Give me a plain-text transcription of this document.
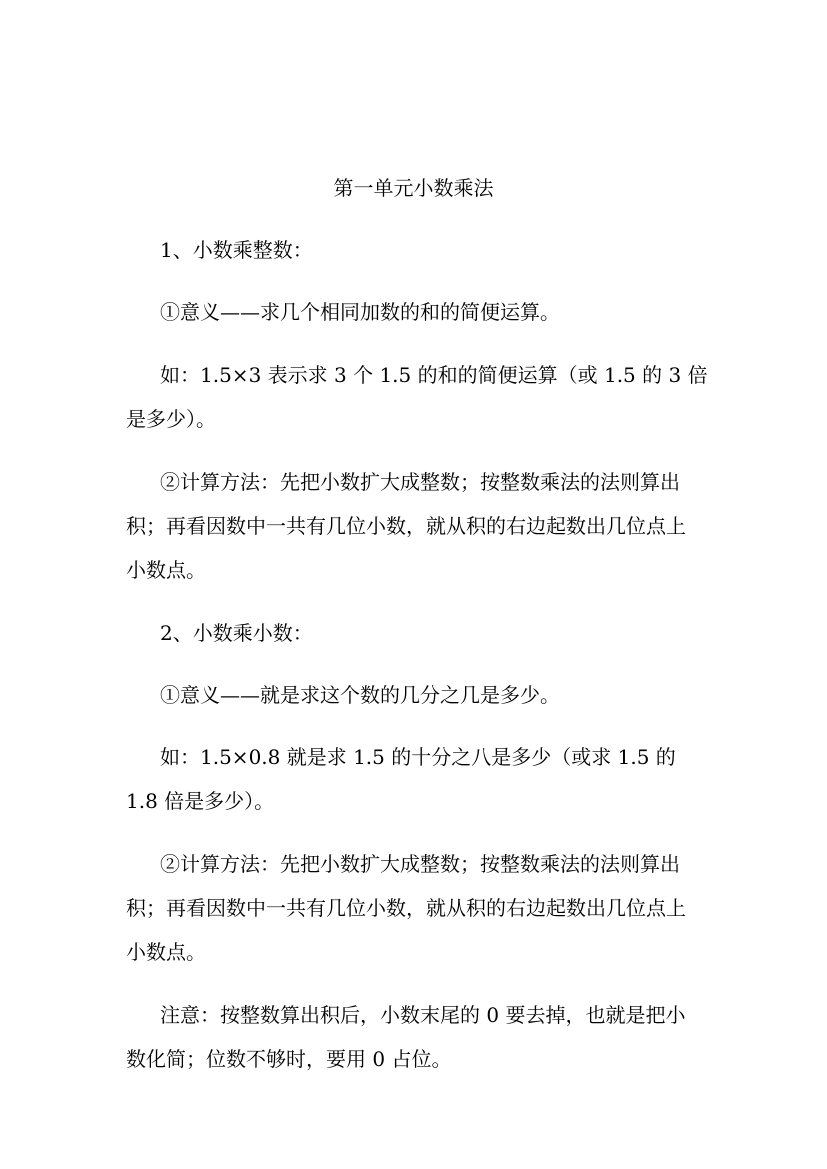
第一单元小数乘法
1、小数乘整数：
①意义——求几个相同加数的和的简便运算。
如：1.5×3 表示求 3 个 1.5 的和的简便运算（或 1.5 的 3 倍
是多少）。
②计算方法：先把小数扩大成整数；按整数乘法的法则算出
积；再看因数中一共有几位小数，就从积的右边起数出几位点上
小数点。
2、小数乘小数：
①意义——就是求这个数的几分之几是多少。
如：1.5×0.8 就是求 1.5 的十分之八是多少（或求 1.5 的
1.8 倍是多少）。
②计算方法：先把小数扩大成整数；按整数乘法的法则算出
积；再看因数中一共有几位小数，就从积的右边起数出几位点上
小数点。
注意：按整数算出积后，小数末尾的 0 要去掉，也就是把小
数化简；位数不够时，要用 0 占位。
